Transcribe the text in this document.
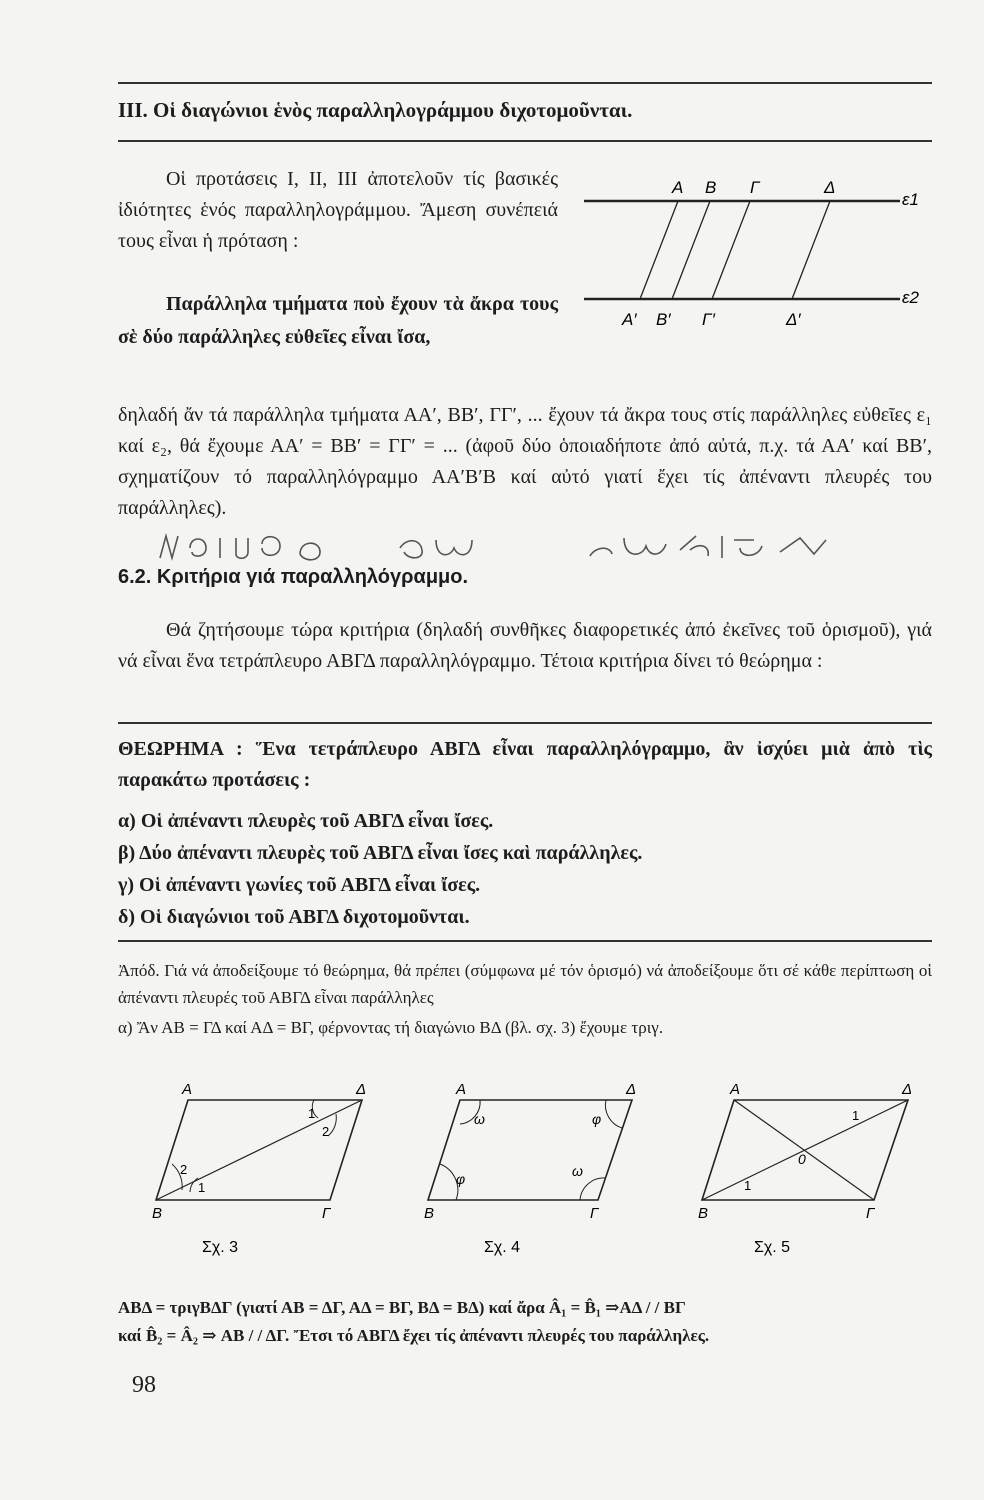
III. Οἱ διαγώνιοι ἑνὸς παραλληλογράμμου διχοτομοῦνται.

Οἱ προτάσεις Ι, ΙΙ, ΙΙΙ ἀποτελοῦν τίς βασικές ἰδιότητες ἑνός παραλληλογράμμου. Ἄμεση συνέπειά τους εἶναι ἡ πρόταση :

Παράλληλα τμήματα ποὺ ἔχουν τὰ ἄκρα τους σὲ δύο παράλληλες εὐθεῖες εἶναι ἴσα,

Α Β Γ	Δ
ε1
Α′ Β′ Γ′	Δ′
ε2

δηλαδή ἄν τά παράλληλα τμήματα ΑΑ′, ΒΒ′, ΓΓ′, ... ἔχουν τά ἄκρα τους στίς παράλληλες εὐθεῖες ε₁ καί ε₂, θά ἔχουμε ΑΑ′ = ΒΒ′ = ΓΓ′ = ... (ἀφοῦ δύο ὁποιαδήποτε ἀπό αὐτά, π.χ. τά ΑΑ′ καί ΒΒ′, σχηματίζουν τό παραλληλόγραμμο ΑΑ′Β′Β καί αὐτό γιατί ἔχει τίς ἀπέναντι πλευρές του παράλληλες).

6.2. Κριτήρια γιά παραλληλόγραμμο.

Θά ζητήσουμε τώρα κριτήρια (δηλαδή συνθῆκες διαφορετικές ἀπό ἐκεῖνες τοῦ ὁρισμοῦ), γιά νά εἶναι ἕνα τετράπλευρο ΑΒΓΔ παραλληλόγραμμο. Τέτοια κριτήρια δίνει τό θεώρημα :

ΘΕΩΡΗΜΑ : Ἕνα τετράπλευρο ΑΒΓΔ εἶναι παραλληλόγραμμο, ἂν ἰσχύει μιὰ ἀπὸ τὶς παρακάτω προτάσεις :

α) Οἱ ἀπέναντι πλευρὲς τοῦ ΑΒΓΔ εἶναι ἴσες.
β) Δύο ἀπέναντι πλευρὲς τοῦ ΑΒΓΔ εἶναι ἴσες καὶ παράλληλες.
γ) Οἱ ἀπέναντι γωνίες τοῦ ΑΒΓΔ εἶναι ἴσες.
δ) Οἱ διαγώνιοι τοῦ ΑΒΓΔ διχοτομοῦνται.

Ἀπόδ. Γιά νά ἀποδείξουμε τό θεώρημα, θά πρέπει (σύμφωνα μέ τόν ὁρισμό) νά ἀποδείξουμε ὅτι σέ κάθε περίπτωση οἱ ἀπέναντι πλευρές τοῦ ΑΒΓΔ εἶναι παράλληλες

α) Ἄν ΑΒ = ΓΔ καί ΑΔ = ΒΓ, φέρνοντας τή διαγώνιο ΒΔ (βλ. σχ. 3) ἔχουμε τριγ.

Α	Δ
Β	Γ
1
2
2
1
Σχ. 3
Α	Δ
Β	Γ
ω	φ
φ	ω
Σχ. 4
Α	Δ
Β	Γ
1
0
1
Σχ. 5
ΑΒΔ = τριγΒΔΓ (γιατί ΑΒ = ΔΓ, ΑΔ = ΒΓ, ΒΔ = ΒΔ) καί ἄρα Â₁ = B̂₁ ⇒ΑΔ / / ΒΓ
καί B̂₂ = Â₂ ⇒ ΑΒ / / ΔΓ. Ἔτσι τό ΑΒΓΔ ἔχει τίς ἀπέναντι πλευρές του παράλληλες.
98
